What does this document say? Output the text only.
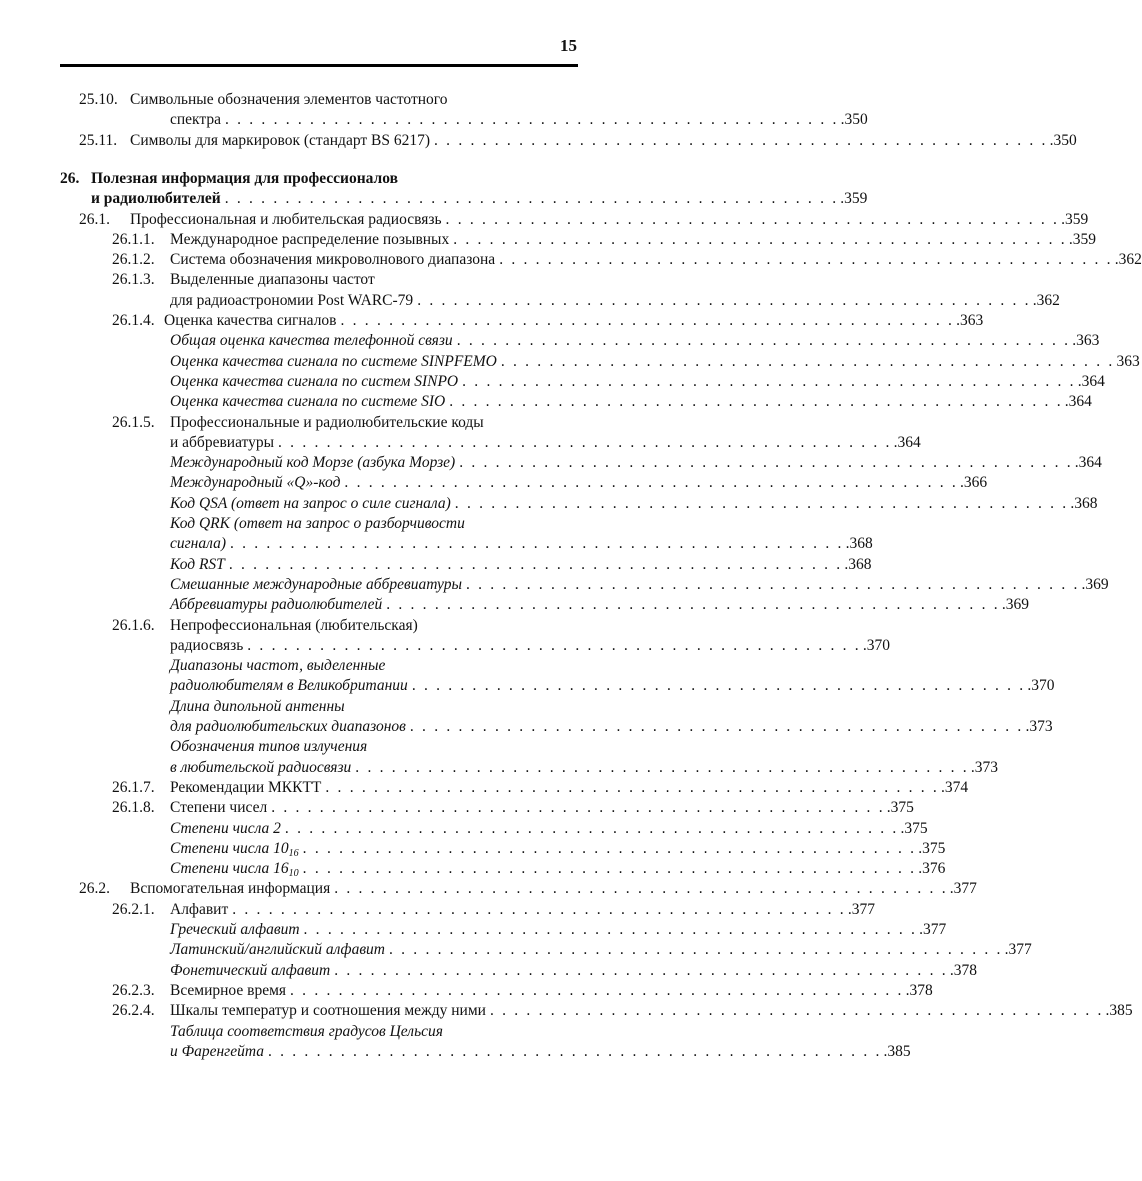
15
25.10. Символьные обозначения элементов частотного
спектра . . . . . . . . . . . . . . . . . . . . . . . . . . . . . . . . . . . . . . . . . . . . . . . . . . . .350
25.11. Символы для маркировок (стандарт BS 6217) . . . . . . . . . . . . . . . . . . . . . . . . . . . . . . . . . . . . . . . . . . . . . . . . . . . .350
26. Полезная информация для профессионалов
и радиолюбителей . . . . . . . . . . . . . . . . . . . . . . . . . . . . . . . . . . . . . . . . . . . . . . . . . . . .359
26.1. Профессиональная и любительская радиосвязь . . . . . . . . . . . . . . . . . . . . . . . . . . . . . . . . . . . . . . . . . . . . . . . . . . . .359
26.1.1. Международное распределение позывных . . . . . . . . . . . . . . . . . . . . . . . . . . . . . . . . . . . . . . . . . . . . . . . . . . . .359
26.1.2. Система обозначения микроволнового диапазона . . . . . . . . . . . . . . . . . . . . . . . . . . . . . . . . . . . . . . . . . . . . . . . . . . . .362
26.1.3. Выделенные диапазоны частот
для радиоастрономии Post WARC-79 . . . . . . . . . . . . . . . . . . . . . . . . . . . . . . . . . . . . . . . . . . . . . . . . . . . .362
26.1.4. Оценка качества сигналов . . . . . . . . . . . . . . . . . . . . . . . . . . . . . . . . . . . . . . . . . . . . . . . . . . . .363
Общая оценка качества телефонной связи . . . . . . . . . . . . . . . . . . . . . . . . . . . . . . . . . . . . . . . . . . . . . . . . . . . .363
Оценка качества сигнала по системе SINPFEMO . . . . . . . . . . . . . . . . . . . . . . . . . . . . . . . . . . . . . . . . . . . . . . . . . . . 363
Оценка качества сигнала по систем SINPO . . . . . . . . . . . . . . . . . . . . . . . . . . . . . . . . . . . . . . . . . . . . . . . . . . . .364
Оценка качества сигнала по системе SIO . . . . . . . . . . . . . . . . . . . . . . . . . . . . . . . . . . . . . . . . . . . . . . . . . . . .364
26.1.5. Профессиональные и радиолюбительские коды
и аббревиатуры . . . . . . . . . . . . . . . . . . . . . . . . . . . . . . . . . . . . . . . . . . . . . . . . . . . .364
Международный код Морзе (азбука Морзе) . . . . . . . . . . . . . . . . . . . . . . . . . . . . . . . . . . . . . . . . . . . . . . . . . . . .364
Международный «Q»-код . . . . . . . . . . . . . . . . . . . . . . . . . . . . . . . . . . . . . . . . . . . . . . . . . . . .366
Код QSA (ответ на запрос о силе сигнала) . . . . . . . . . . . . . . . . . . . . . . . . . . . . . . . . . . . . . . . . . . . . . . . . . . . .368
Код QRK (ответ на запрос о разборчивости
сигнала) . . . . . . . . . . . . . . . . . . . . . . . . . . . . . . . . . . . . . . . . . . . . . . . . . . . .368
Код RST . . . . . . . . . . . . . . . . . . . . . . . . . . . . . . . . . . . . . . . . . . . . . . . . . . . .368
Смешанные международные аббревиатуры . . . . . . . . . . . . . . . . . . . . . . . . . . . . . . . . . . . . . . . . . . . . . . . . . . . .369
Аббревиатуры радиолюбителей . . . . . . . . . . . . . . . . . . . . . . . . . . . . . . . . . . . . . . . . . . . . . . . . . . . .369
26.1.6. Непрофессиональная (любительская)
радиосвязь . . . . . . . . . . . . . . . . . . . . . . . . . . . . . . . . . . . . . . . . . . . . . . . . . . . .370
Диапазоны частот, выделенные
радиолюбителям в Великобритании . . . . . . . . . . . . . . . . . . . . . . . . . . . . . . . . . . . . . . . . . . . . . . . . . . . .370
Длина дипольной антенны
для радиолюбительских диапазонов . . . . . . . . . . . . . . . . . . . . . . . . . . . . . . . . . . . . . . . . . . . . . . . . . . . .373
Обозначения типов излучения
в любительской радиосвязи . . . . . . . . . . . . . . . . . . . . . . . . . . . . . . . . . . . . . . . . . . . . . . . . . . . .373
26.1.7. Рекомендации МККТТ . . . . . . . . . . . . . . . . . . . . . . . . . . . . . . . . . . . . . . . . . . . . . . . . . . . .374
26.1.8. Степени чисел . . . . . . . . . . . . . . . . . . . . . . . . . . . . . . . . . . . . . . . . . . . . . . . . . . . .375
Степени числа 2 . . . . . . . . . . . . . . . . . . . . . . . . . . . . . . . . . . . . . . . . . . . . . . . . . . . .375
Степени числа $10_{16}$ . . . . . . . . . . . . . . . . . . . . . . . . . . . . . . . . . . . . . . . . . . . . . . . . . . . .375
Степени числа $16_{10}$ . . . . . . . . . . . . . . . . . . . . . . . . . . . . . . . . . . . . . . . . . . . . . . . . . . . .376
26.2. Вспомогательная информация . . . . . . . . . . . . . . . . . . . . . . . . . . . . . . . . . . . . . . . . . . . . . . . . . . . .377
26.2.1. Алфавит . . . . . . . . . . . . . . . . . . . . . . . . . . . . . . . . . . . . . . . . . . . . . . . . . . . .377
Греческий алфавит . . . . . . . . . . . . . . . . . . . . . . . . . . . . . . . . . . . . . . . . . . . . . . . . . . . .377
Латинский/английский алфавит . . . . . . . . . . . . . . . . . . . . . . . . . . . . . . . . . . . . . . . . . . . . . . . . . . . .377
Фонетический алфавит . . . . . . . . . . . . . . . . . . . . . . . . . . . . . . . . . . . . . . . . . . . . . . . . . . . .378
26.2.3. Всемирное время . . . . . . . . . . . . . . . . . . . . . . . . . . . . . . . . . . . . . . . . . . . . . . . . . . . .378
26.2.4. Шкалы температур и соотношения между ними . . . . . . . . . . . . . . . . . . . . . . . . . . . . . . . . . . . . . . . . . . . . . . . . . . . .385
Таблица соответствия градусов Цельсия
и Фаренгейта . . . . . . . . . . . . . . . . . . . . . . . . . . . . . . . . . . . . . . . . . . . . . . . . . . . .385
